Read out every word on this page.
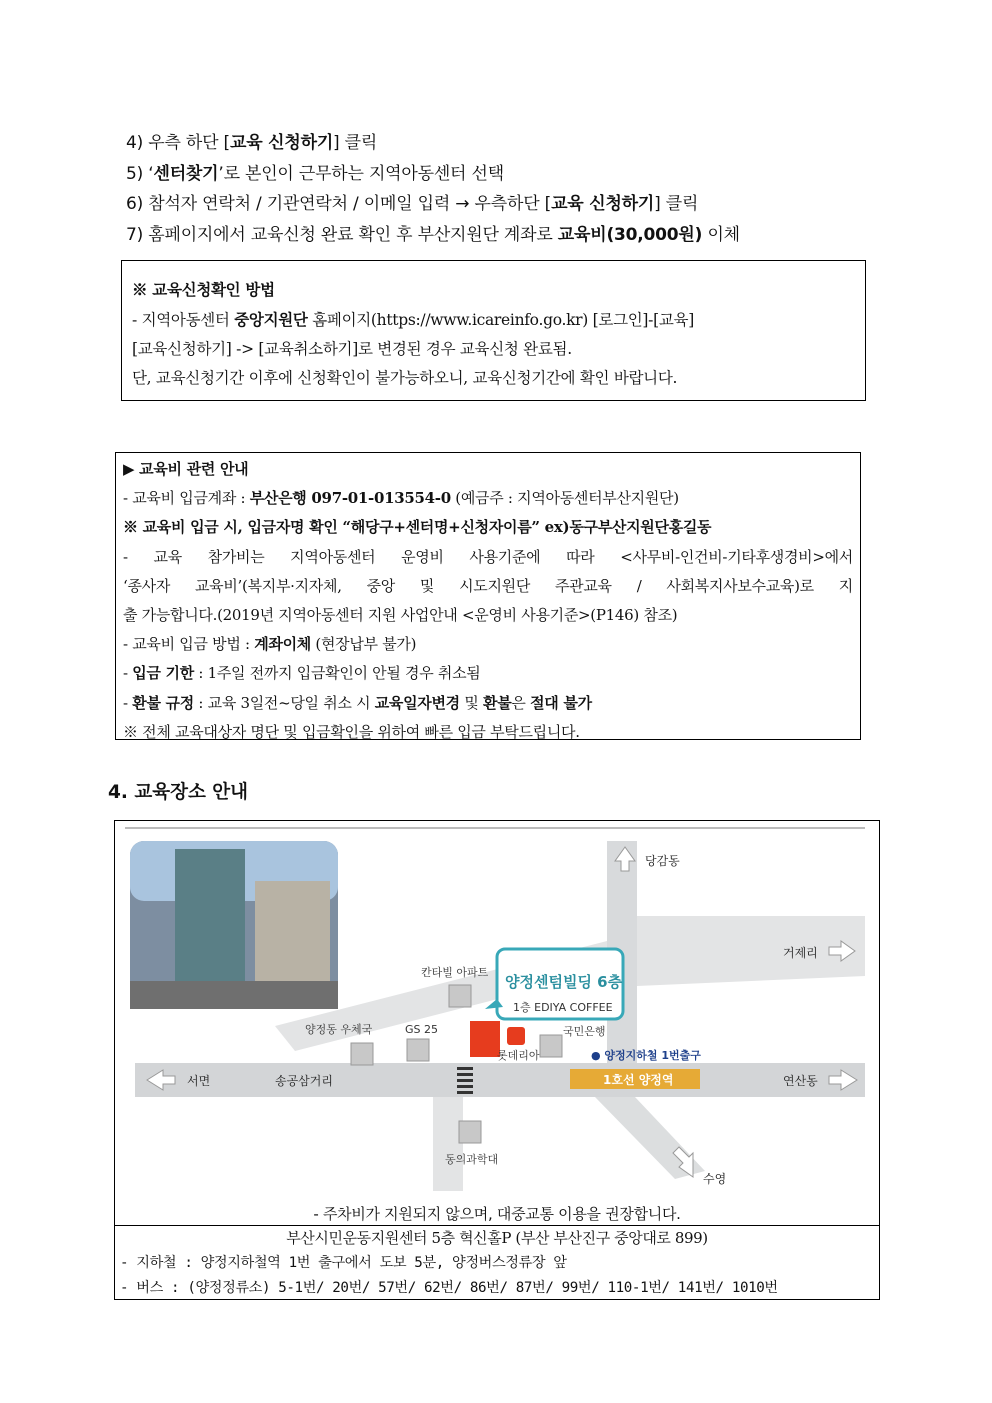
4) 우측 하단 [교육 신청하기] 클릭
5) ‘센터찾기’로 본인이 근무하는 지역아동센터 선택
6) 참석자 연락처 / 기관연락처 / 이메일 입력 → 우측하단 [교육 신청하기] 클릭
7) 홈페이지에서 교육신청 완료 확인 후 부산지원단 계좌로 교육비(30,000원) 이체
※ 교육신청확인 방법
- 지역아동센터 중앙지원단 홈페이지(https://www.icareinfo.go.kr) [로그인]-[교육]
[교육신청하기] -> [교육취소하기]로 변경된 경우 교육신청 완료됨.
단, 교육신청기간 이후에 신청확인이 불가능하오니, 교육신청기간에 확인 바랍니다.
▶ 교육비 관련 안내
- 교육비 입금계좌 : 부산은행 097-01-013554-0 (예금주 : 지역아동센터부산지원단)
※ 교육비 입금 시, 입금자명 확인 “해당구+센터명+신청자이름” ex)동구부산지원단홍길동
- 교육 참가비는 지역아동센터 운영비 사용기준에 따라 <사무비-인건비-기타후생경비>에서
‘종사자 교육비’(복지부·지자체, 중앙 및 시도지원단 주관교육 / 사회복지사보수교육)로 지
출 가능합니다.(2019년 지역아동센터 지원 사업안내 <운영비 사용기준>(P146) 참조)
- 교육비 입금 방법 : 계좌이체 (현장납부 불가)
- 입금 기한 : 1주일 전까지 입금확인이 안될 경우 취소됨
- 환불 규정 : 교육 3일전~당일 취소 시 교육일자변경 및 환불은 절대 불가
※ 전체 교육대상자 명단 및 입금확인을 위하여 빠른 입금 부탁드립니다.
4. 교육장소 안내
당감동
거제리
칸타빌 아파트
양정센텀빌딩 6층
1층 EDIYA COFFEE
양정동 우체국	GS 25
롯데리아
국민은행
● 양정지하철 1번출구
서면	송공삼거리	1호선 양정역	연산동
동의과학대
수영
- 주차비가 지원되지 않으며, 대중교통 이용을 권장합니다.
부산시민운동지원센터 5층 혁신홀P (부산 부산진구 중앙대로 899)
- 지하철 : 양정지하철역 1번 출구에서 도보 5분, 양정버스정류장 앞
- 버스 : (양정정류소) 5-1번/ 20번/ 57번/ 62번/ 86번/ 87번/ 99번/ 110-1번/ 141번/ 1010번
